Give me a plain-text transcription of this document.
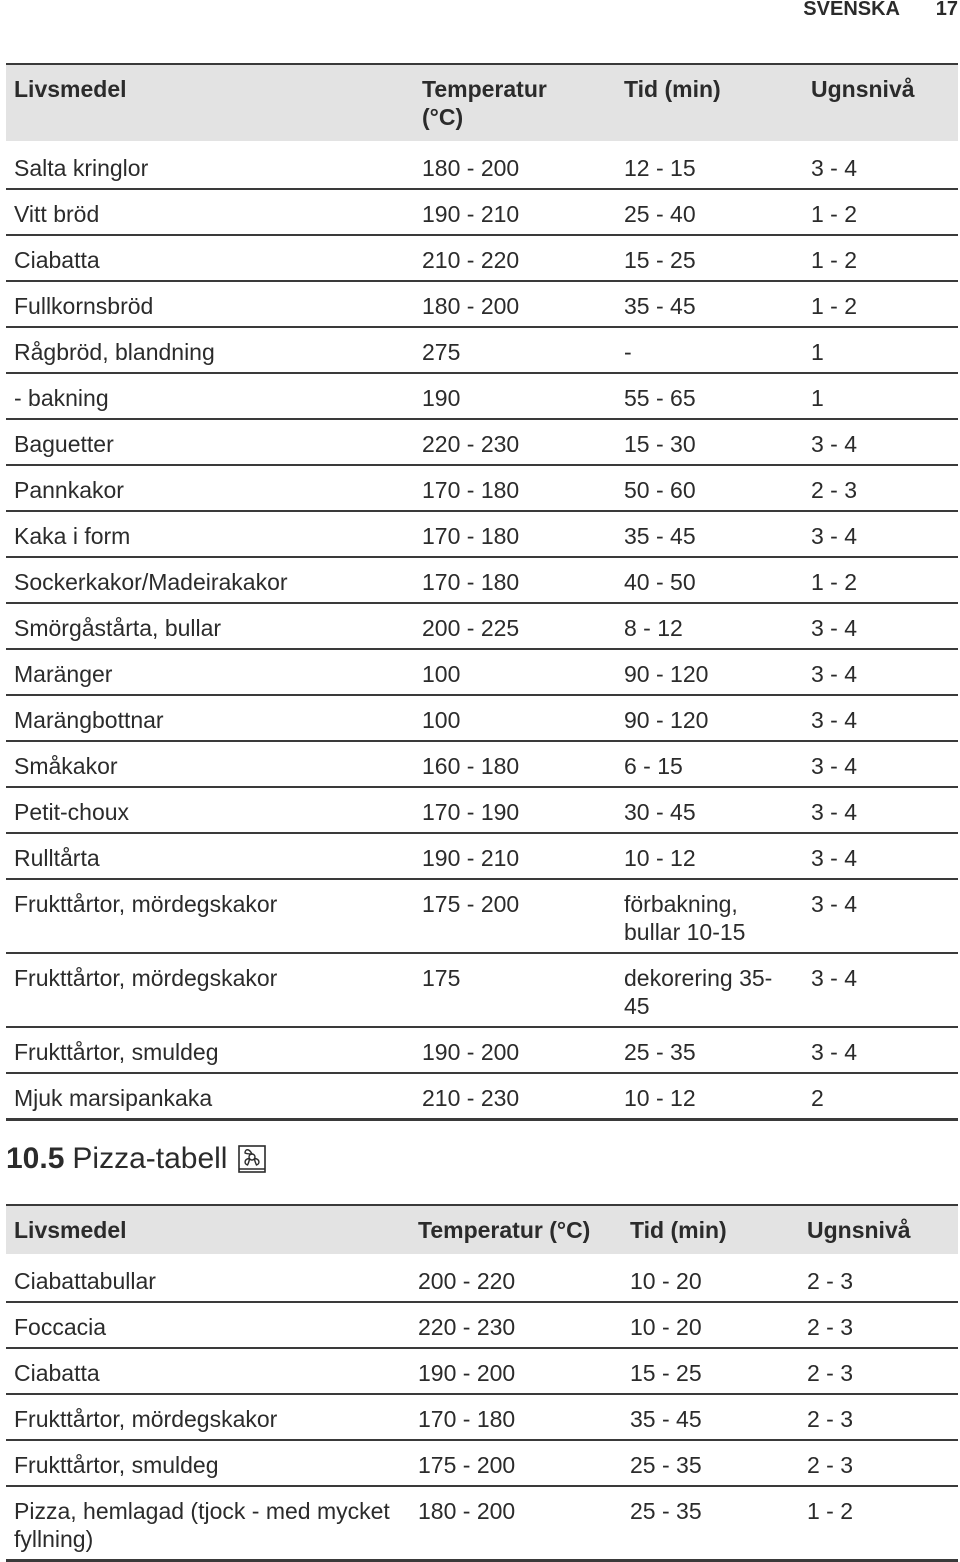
SVENSKA 17
Livsmedel	Temperatur (°C)	Tid (min)	Ugnsnivå
Salta kringlor	180 - 200	12 - 15	3 - 4
Vitt bröd	190 - 210	25 - 40	1 - 2
Ciabatta	210 - 220	15 - 25	1 - 2
Fullkornsbröd	180 - 200	35 - 45	1 - 2
Rågbröd, blandning	275	-	1
- bakning	190	55 - 65	1
Baguetter	220 - 230	15 - 30	3 - 4
Pannkakor	170 - 180	50 - 60	2 - 3
Kaka i form	170 - 180	35 - 45	3 - 4
Sockerkakor/Madeirakakor	170 - 180	40 - 50	1 - 2
Smörgåstårta, bullar	200 - 225	8 - 12	3 - 4
Maränger	100	90 - 120	3 - 4
Marängbottnar	100	90 - 120	3 - 4
Småkakor	160 - 180	6 - 15	3 - 4
Petit-choux	170 - 190	30 - 45	3 - 4
Rulltårta	190 - 210	10 - 12	3 - 4
Frukttårtor, mördegskakor	175 - 200	förbakning, bullar 10-15	3 - 4
Frukttårtor, mördegskakor	175	dekorering 35-45	3 - 4
Frukttårtor, smuldeg	190 - 200	25 - 35	3 - 4
Mjuk marsipankaka	210 - 230	10 - 12	2
10.5 Pizza-tabell
Livsmedel	Temperatur (°C)	Tid (min)	Ugnsnivå
Ciabattabullar	200 - 220	10 - 20	2 - 3
Foccacia	220 - 230	10 - 20	2 - 3
Ciabatta	190 - 200	15 - 25	2 - 3
Frukttårtor, mördegskakor	170 - 180	35 - 45	2 - 3
Frukttårtor, smuldeg	175 - 200	25 - 35	2 - 3
Pizza, hemlagad (tjock - med mycket fyllning)	180 - 200	25 - 35	1 - 2
